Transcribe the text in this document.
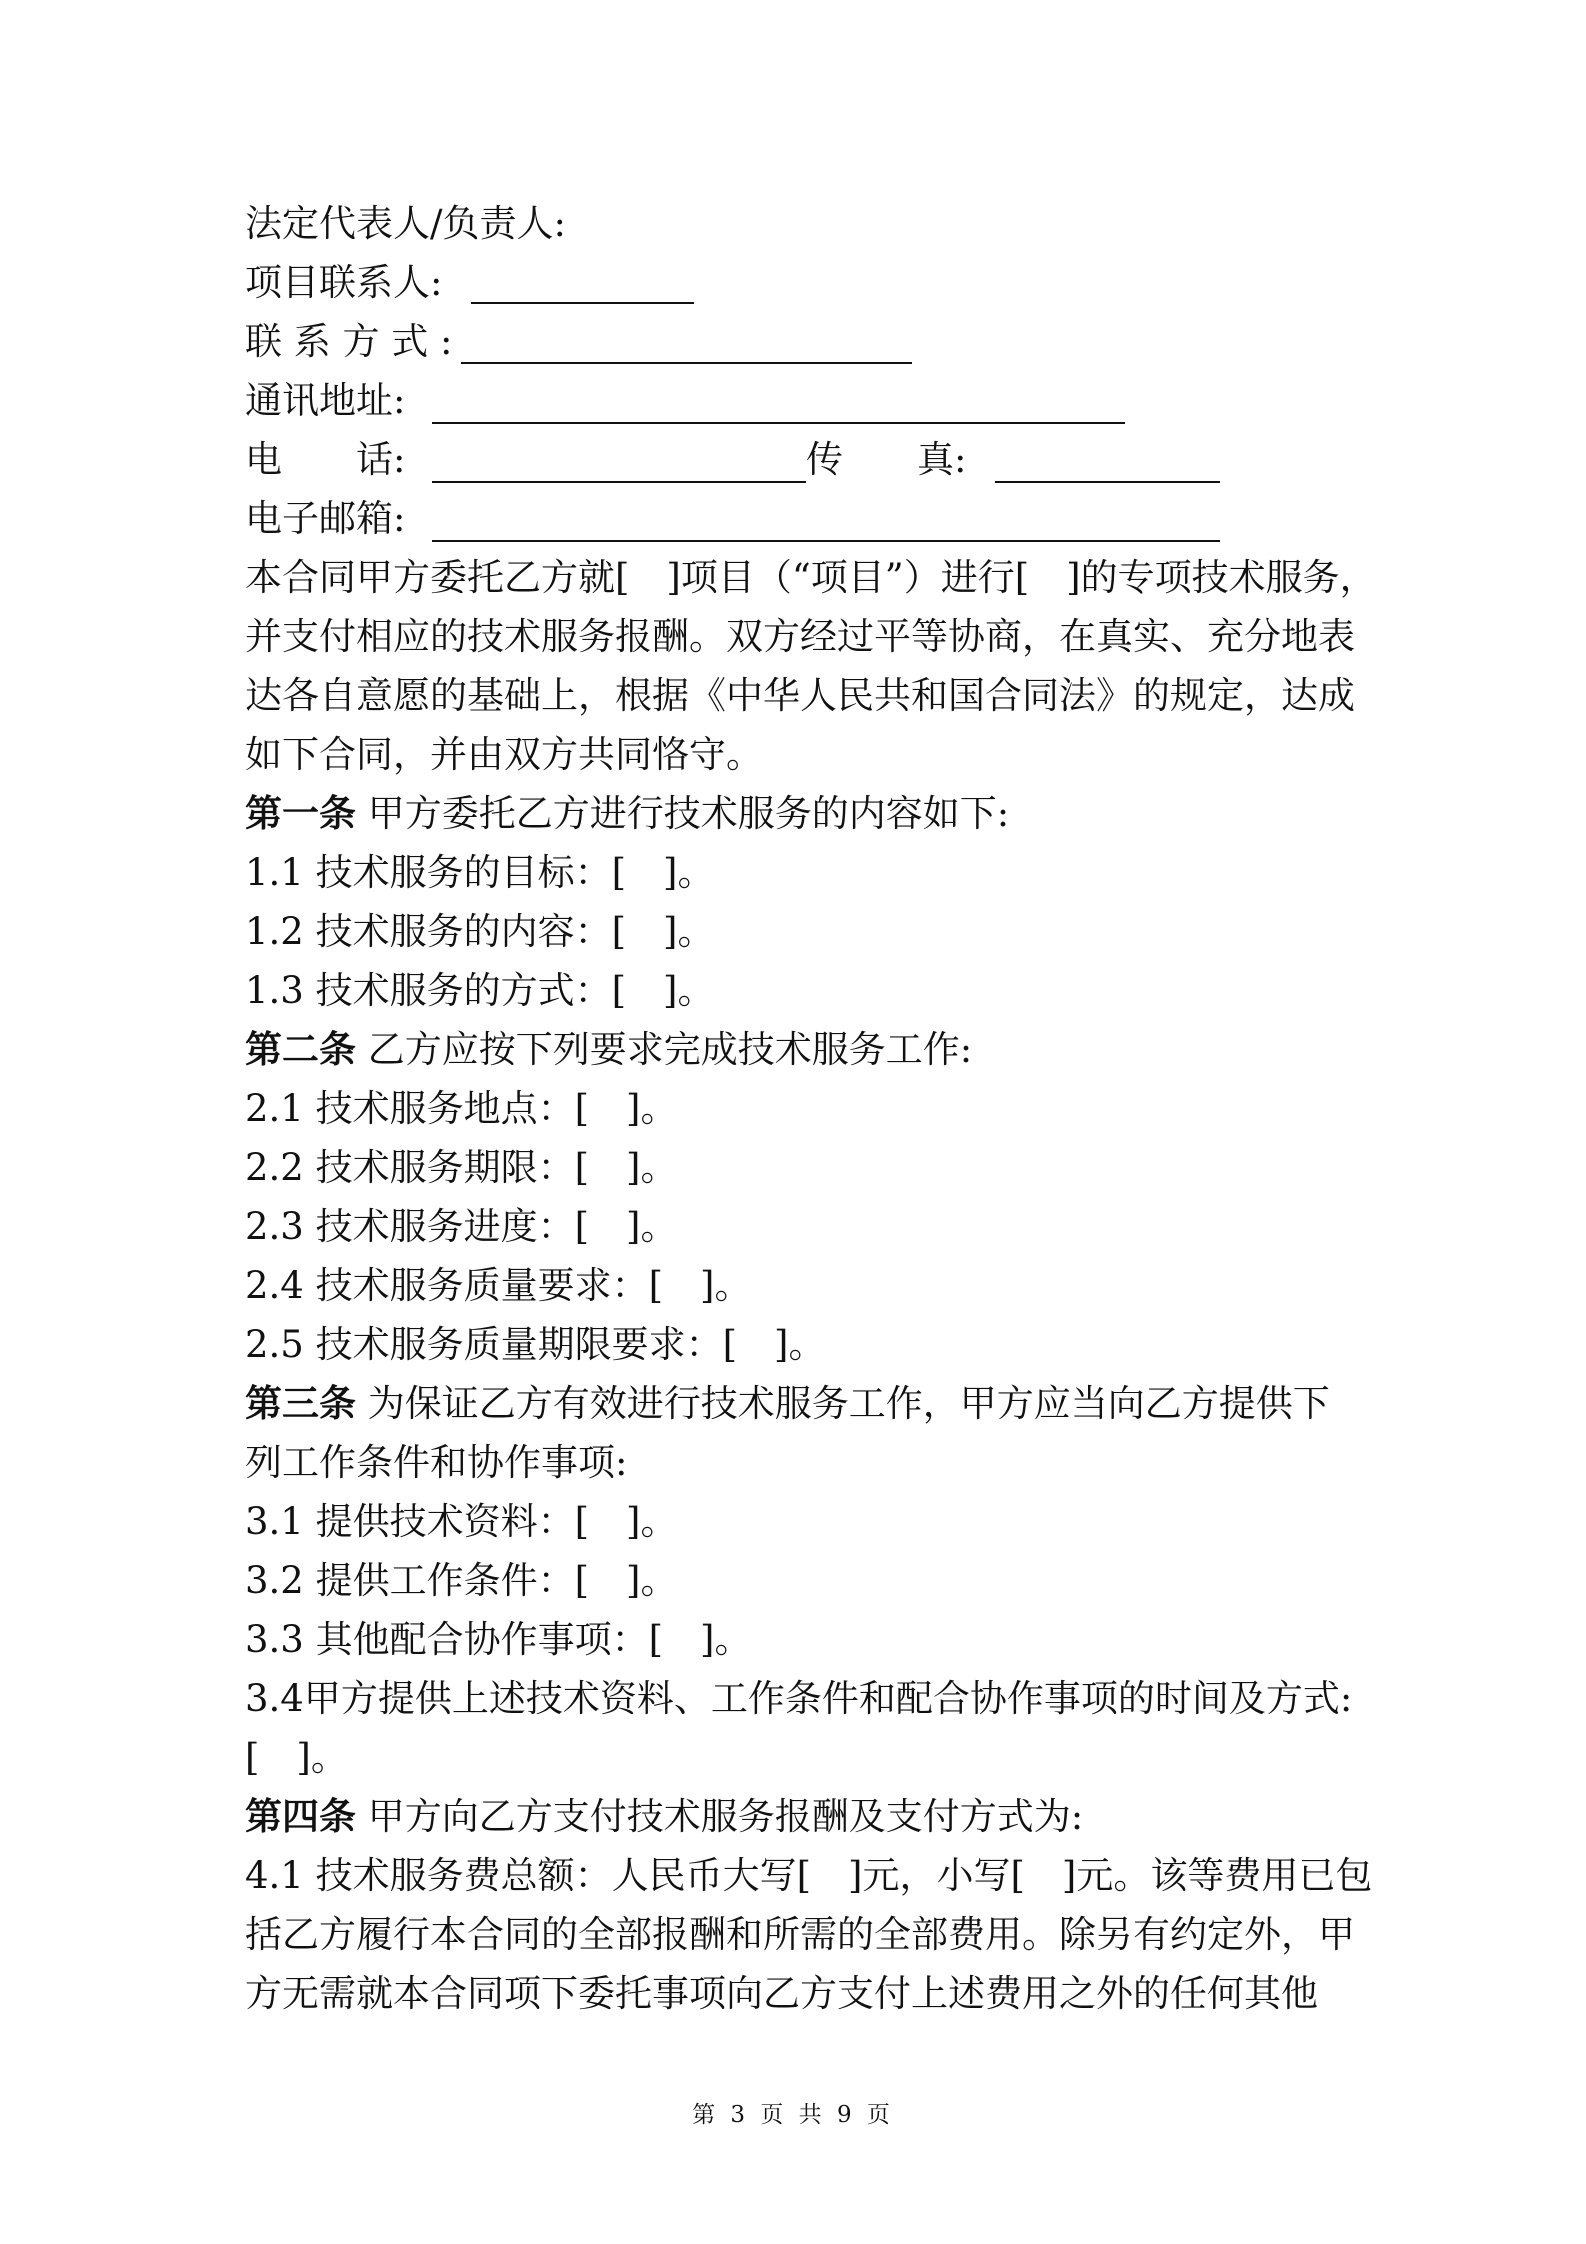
法定代表人/负责人:
项目联系人:
联 系 方 式 :
通讯地址:
电　　话:	传　　真:
电子邮箱:
本合同甲方委托乙方就[　]项目（“项目”）进行[　]的专项技术服务，
并支付相应的技术服务报酬。双方经过平等协商，在真实、充分地表
达各自意愿的基础上，根据《中华人民共和国合同法》的规定，达成
如下合同，并由双方共同恪守。
第一条 甲方委托乙方进行技术服务的内容如下:
1.1 技术服务的目标：[　]。
1.2 技术服务的内容：[　]。
1.3 技术服务的方式：[　]。
第二条 乙方应按下列要求完成技术服务工作:
2.1 技术服务地点：[　]。
2.2 技术服务期限：[　]。
2.3 技术服务进度：[　]。
2.4 技术服务质量要求：[　]。
2.5 技术服务质量期限要求：[　]。
第三条 为保证乙方有效进行技术服务工作，甲方应当向乙方提供下
列工作条件和协作事项:
3.1 提供技术资料：[　]。
3.2 提供工作条件：[　]。
3.3 其他配合协作事项：[　]。
3.4甲方提供上述技术资料、工作条件和配合协作事项的时间及方式:
[　]。
第四条 甲方向乙方支付技术服务报酬及支付方式为:
4.1 技术服务费总额：人民币大写[　]元，小写[　]元。该等费用已包
括乙方履行本合同的全部报酬和所需的全部费用。除另有约定外，甲
方无需就本合同项下委托事项向乙方支付上述费用之外的任何其他
第 3 页 共 9 页
